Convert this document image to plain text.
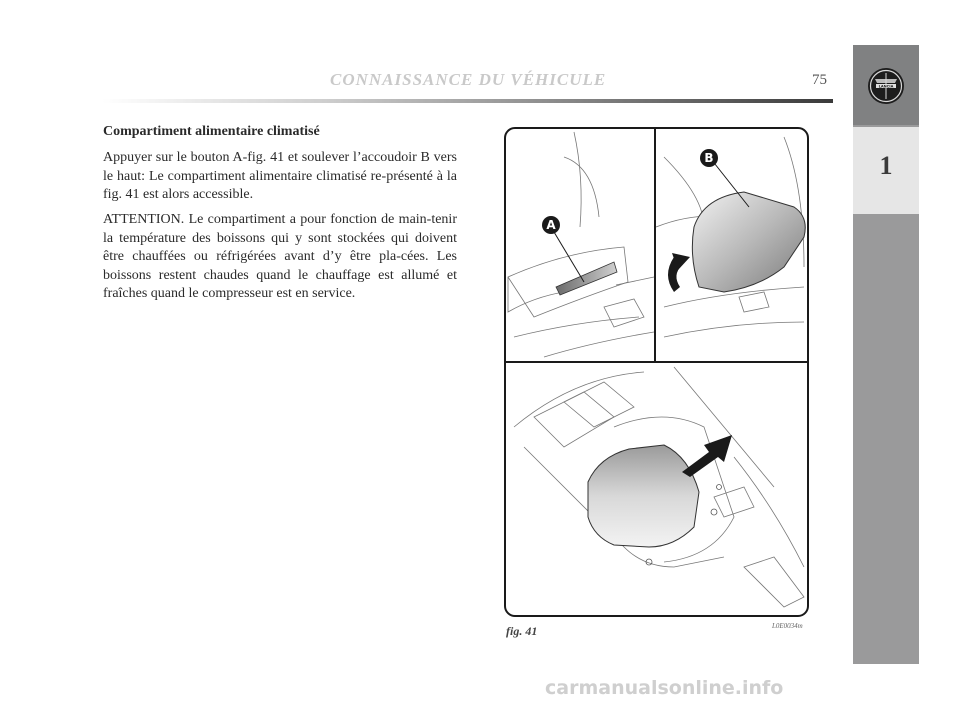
CONNAISSANCE DU VÉHICULE	75	LANCIA
1
Compartiment alimentaire climatisé
Appuyer sur le bouton A-fig. 41 et soulever l’accoudoir B vers le haut: Le compartiment alimentaire climatisé re-présenté à la fig. 41 est alors accessible.
ATTENTION. Le compartiment a pour fonction de main-tenir la température des boissons qui y sont stockées qui doivent être chauffées ou réfrigérées avant d’y être pla-cées. Les boissons restent chaudes quand le chauffage est allumé et fraîches quand le compresseur est en service.
A
B
fig. 41	L0E0034m
carmanualsonline.info
